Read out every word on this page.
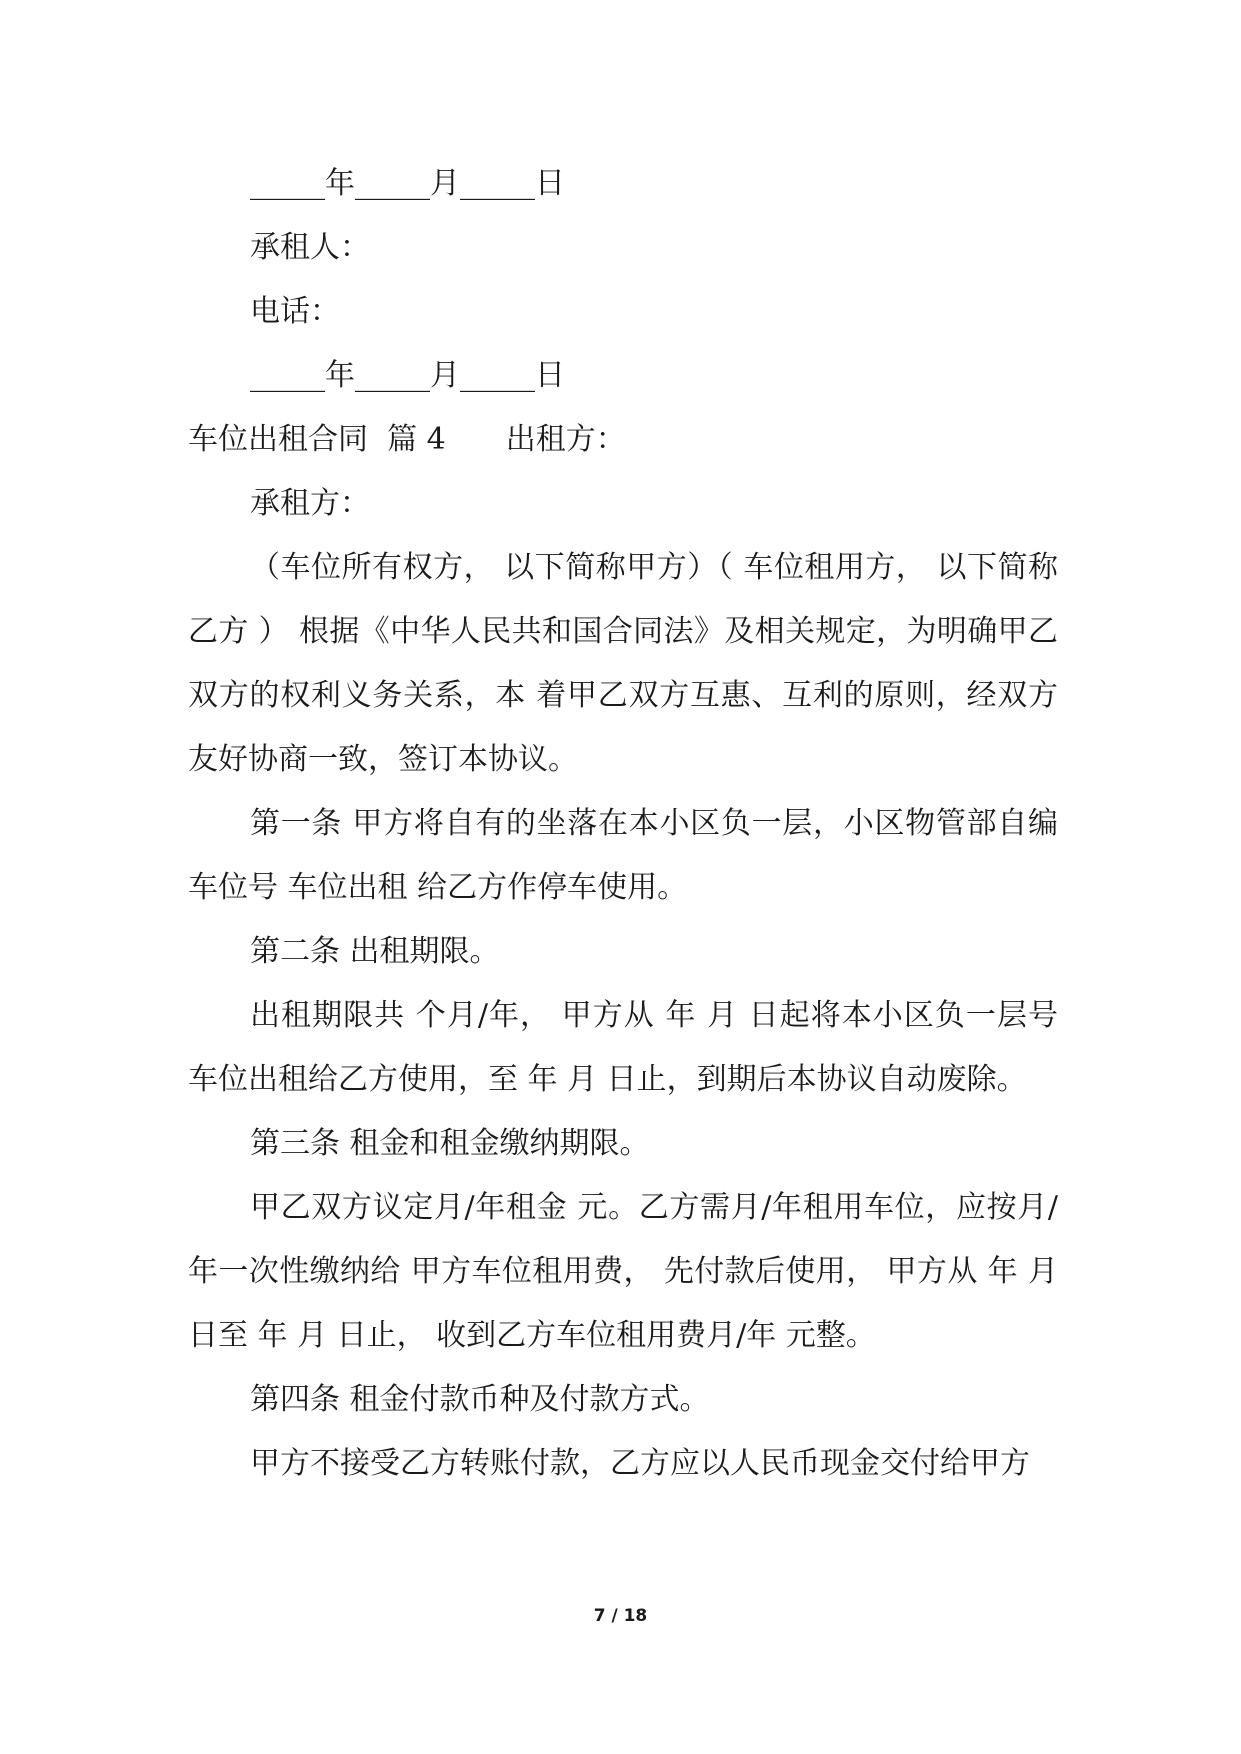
_____年_____月_____日

承租人：

电话：

_____年_____月_____日

车位出租合同  篇 4 出租方：

承租方：

（车位所有权方， 以下简称甲方）（ 车位租用方， 以下简称乙方 ） 根据《中华人民共和国合同法》及相关规定，为明确甲乙双方的权利义务关系，本 着甲乙双方互惠、互利的原则，经双方友好协商一致，签订本协议。

第一条 甲方将自有的坐落在本小区负一层，小区物管部自编车位号 车位出租 给乙方作停车使用。

第二条 出租期限。

出租期限共 个月/年， 甲方从 年 月 日起将本小区负一层号 车位出租给乙方使用，至 年 月 日止，到期后本协议自动废除。

第三条 租金和租金缴纳期限。

甲乙双方议定月/年租金 元。乙方需月/年租用车位，应按月/年一次性缴纳给 甲方车位租用费， 先付款后使用， 甲方从 年 月 日至 年 月 日止， 收到乙方车位租用费月/年 元整。

第四条 租金付款币种及付款方式。

甲方不接受乙方转账付款，乙方应以人民币现金交付给甲方

7 / 18
